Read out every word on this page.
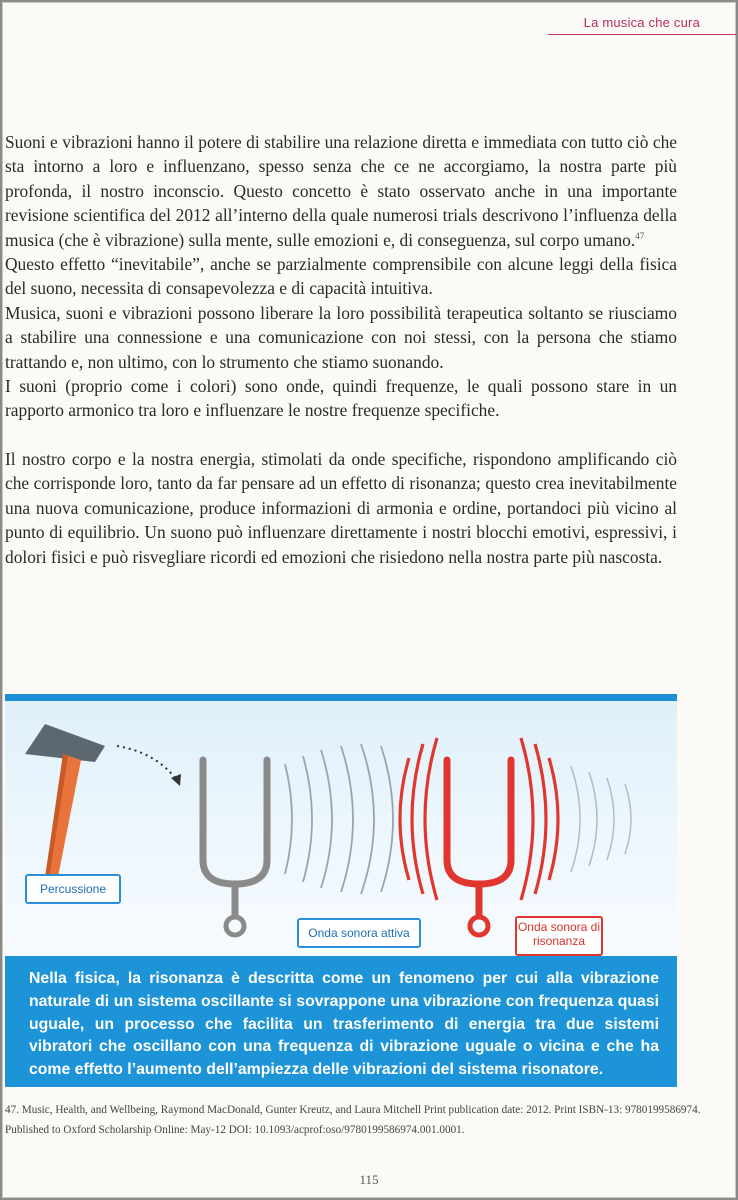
La musica che cura

Suoni e vibrazioni hanno il potere di stabilire una relazione diretta e immediata con tutto ciò che sta intorno a loro e influenzano, spesso senza che ce ne accorgiamo, la nostra parte più profonda, il nostro inconscio. Questo concetto è stato osservato anche in una importante revisione scientifica del 2012 all’interno della quale numerosi trials descrivono l’influenza della musica (che è vibrazione) sulla mente, sulle emozioni e, di conseguenza, sul corpo umano.$^{47}$

Questo effetto “inevitabile”, anche se parzialmente comprensibile con alcune leggi della fisica del suono, necessita di consapevolezza e di capacità intuitiva.

Musica, suoni e vibrazioni possono liberare la loro possibilità terapeutica soltanto se riusciamo a stabilire una connessione e una comunicazione con noi stessi, con la persona che stiamo trattando e, non ultimo, con lo strumento che stiamo suonando.

I suoni (proprio come i colori) sono onde, quindi frequenze, le quali possono stare in un rapporto armonico tra loro e influenzare le nostre frequenze specifiche.

Il nostro corpo e la nostra energia, stimolati da onde specifiche, rispondono amplificando ciò che corrisponde loro, tanto da far pensare ad un effetto di risonanza; questo crea inevitabilmente una nuova comunicazione, produce informazioni di armonia e ordine, portandoci più vicino al punto di equilibrio. Un suono può influenzare direttamente i nostri blocchi emotivi, espressivi, i dolori fisici e può risvegliare ricordi ed emozioni che risiedono nella nostra parte più nascosta.

Percussione
Onda sonora attiva	Onda sonora di risonanza

Nella fisica, la risonanza è descritta come un fenomeno per cui alla vibrazione naturale di un sistema oscillante si sovrappone una vibrazione con frequenza quasi uguale, un processo che facilita un trasferimento di energia tra due sistemi vibratori che oscillano con una frequenza di vibrazione uguale o vicina e che ha come effetto l’aumento dell’ampiezza delle vibrazioni del sistema risonatore.

47. Music, Health, and Wellbeing, Raymond MacDonald, Gunter Kreutz, and Laura Mitchell Print publication date: 2012. Print ISBN-13: 9780199586974.
Published to Oxford Scholarship Online: May-12 DOI: 10.1093/acprof:oso/9780199586974.001.0001.
115
